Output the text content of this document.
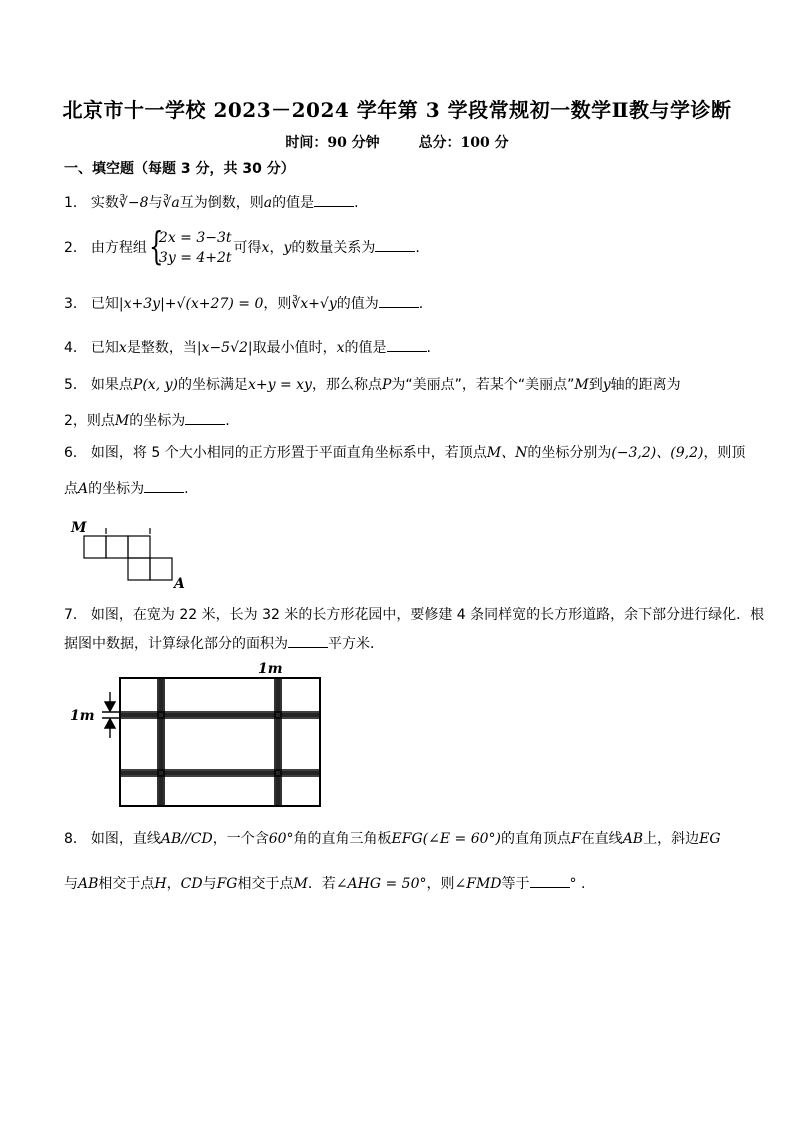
北京市十一学校 2023－2024 学年第 3 学段常规初一数学Ⅱ教与学诊断
时间：90 分钟	总分：100 分
一、填空题（每题 3 分，共 30 分）
1． 实数∛−8与∛a互为倒数，则a的值是	.
2． 由方程组 {
2x = 3−3t
3y = 4+2t
可得x，y的数量关系为	.
3． 已知|x+3y|+√(x+27) = 0，则∛x+√y的值为	.
4． 已知x是整数，当|x−5√2|取最小值时，x的值是	.
5． 如果点P(x, y)的坐标满足x+y = xy，那么称点P为“美丽点”，若某个“美丽点”M到y轴的距离为
2，则点M的坐标为	.
6． 如图，将 5 个大小相同的正方形置于平面直角坐标系中，若顶点M、N的坐标分别为(−3,2)、(9,2)，则顶
点A的坐标为	.
M
A
7． 如图，在宽为 22 米，长为 32 米的长方形花园中，要修建 4 条同样宽的长方形道路，余下部分进行绿化．根
据图中数据，计算绿化部分的面积为	平方米．
1m
1m
8． 如图，直线AB//CD，一个含60°角的直角三角板EFG(∠E = 60°)的直角顶点F在直线AB上，斜边EG
与AB相交于点H，CD与FG相交于点M．若∠AHG = 50°，则∠FMD等于	° .
